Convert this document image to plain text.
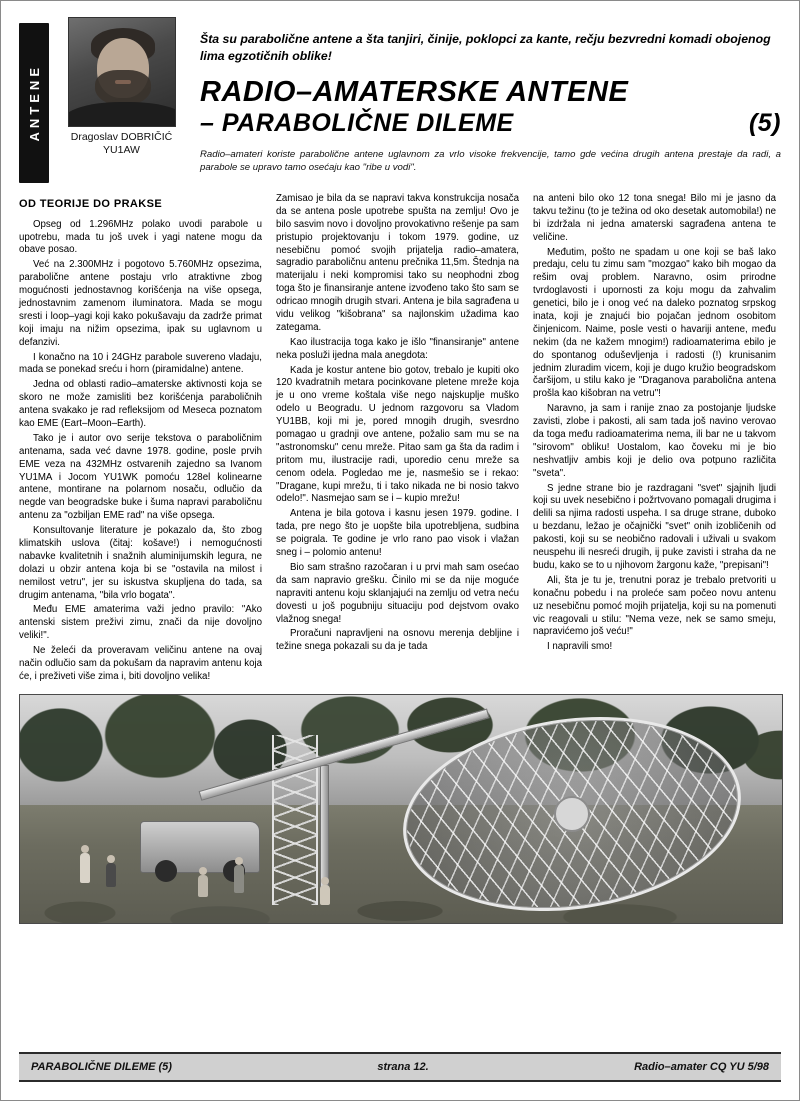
ANTENE	Dragoslav DOBRIČIĆ
YU1AW
Šta su parabolične antene a šta tanjiri, činije, poklopci za kante, rečju bezvredni komadi obojenog lima egzotičnih oblike!
RADIO–AMATERSKE ANTENE
– PARABOLIČNE DILEME	(5)
Radio–amateri koriste parabolične antene uglavnom za vrlo visoke frekvencije, tamo gde većina drugih antena prestaje da radi, a parabole se upravo tamo osećaju kao "ribe u vodi".
OD TEORIJE DO PRAKSE

Opseg od 1.296MHz polako uvodi parabole u upotrebu, mada tu još uvek i yagi natene mogu da obave posao.

Već na 2.300MHz i pogotovo 5.760MHz opsezima, parabolične antene postaju vrlo atraktivne zbog mogućnosti jednostavnog korišćenja na više opsega, jednostavnim zamenom iluminatora. Mada se mogu sresti i loop–yagi koji kako pokušavaju da zadrže primat koji imaju na nižim opsezima, ipak su uglavnom u defanzivi.

I konačno na 10 i 24GHz parabole suvereno vladaju, mada se ponekad sreću i horn (piramidalne) antene.

Jedna od oblasti radio–amaterske aktivnosti koja se skoro ne može zamisliti bez korišćenja paraboličnih antena svakako je rad refleksijom od Meseca poznatom kao EME (Eart–Moon–Earth).

Tako je i autor ovo serije tekstova o paraboličnim antenama, sada već davne 1978. godine, posle prvih EME veza na 432MHz ostvarenih zajedno sa Ivanom YU1MA i Jocom YU1WK pomoću 128el kolinearne antene, montirane na polarnom nosaču, odlučio da negde van beogradske buke i šuma napravi paraboličnu antenu za "ozbiljan EME rad" na više opsega.

Konsultovanje literature je pokazalo da, što zbog klimatskih uslova (čitaj: košave!) i nemogućnosti nabavke kvalitetnih i snažnih aluminijumskih legura, ne dolazi u obzir antena koja bi se "ostavila na milost i nemilost vetru", jer su iskustva skupljena do tada, sa drugim antenama, "bila vrlo bogata".

Među EME amaterima važi jedno pravilo: "Ako antenski sistem preživi zimu, znači da nije dovoljno veliki!".

Ne želeći da proveravam veličinu antene na ovaj način odlučio sam da pokušam da napravim antenu koja će, i preživeti više zima i, biti dovoljno velika!

Zamisao je bila da se napravi takva konstrukcija nosača da se antena posle upotrebe spušta na zemlju! Ovo je bilo sasvim novo i dovoljno provokativno rešenje pa sam pristupio projektovanju i tokom 1979. godine, uz nesebičnu pomoć svojih prijatelja radio–amatera, sagradio paraboličnu antenu prečnika 11,5m. Štednja na materijalu i neki kompromisi tako su neophodni zbog toga što je finansiranje antene izvođeno tako što sam se odricao mnogih drugih stvari. Antena je bila sagrađena u vidu velikog "kišobrana" sa najlonskim užadima kao zategama.

Kao ilustracija toga kako je išlo "finansiranje" antene neka posluži ijedna mala anegdota:

Kada je kostur antene bio gotov, trebalo je kupiti oko 120 kvadratnih metara pocinkovane pletene mreže koja je u ono vreme koštala više nego najskuplje muško odelo u Beogradu. U jednom razgovoru sa Vladom YU1BB, koji mi je, pored mnogih drugih, svesrdno pomagao u gradnji ove antene, požalio sam mu se na "astronomsku" cenu mreže. Pitao sam ga šta da radim i pritom mu, ilustracije radi, uporedio cenu mreže sa cenom odela. Pogledao me je, nasmešio se i rekao: "Dragane, kupi mrežu, ti i tako nikada ne bi nosio takvo odelo!". Nasmejao sam se i – kupio mrežu!

Antena je bila gotova i kasnu jesen 1979. godine. I tada, pre nego što je uopšte bila upotrebljena, sudbina se poigrala. Te godine je vrlo rano pao visok i vlažan sneg i – polomio antenu!

Bio sam strašno razočaran i u prvi mah sam osećao da sam napravio grešku. Činilo mi se da nije moguće napraviti antenu koju sklanjajući na zemlju od vetra neću dovesti u još pogubniju situaciju pod dejstvom ovako vlažnog snega!

Proračuni napravljeni na osnovu merenja debljine i težine snega pokazali su da je tada

na anteni bilo oko 12 tona snega! Bilo mi je jasno da takvu težinu (to je težina od oko desetak automobila!) ne bi izdržala ni jedna amaterski sagrađena antena te veličine.

Međutim, pošto ne spadam u one koji se baš lako predaju, celu tu zimu sam "mozgao" kako bih mogao da rešim ovaj problem. Naravno, osim prirodne tvrdoglavosti i upornosti za koju mogu da zahvalim genetici, bilo je i onog već na daleko poznatog srpskog inata, koji je znajući bio pojačan jednom osobitom činjenicom. Naime, posle vesti o havariji antene, među nekim (da ne kažem mnogim!) radioamaterima ebilo je do spontanog oduševljenja i radosti (!) krunisanim jednim zluradim vicem, koji je dugo kružio beogradskom čaršijom, u stilu kako je "Draganova parabolična antena prošla kao kišobran na vetru"!

Naravno, ja sam i ranije znao za postojanje ljudske zavisti, zlobe i pakosti, ali sam tada još navino verovao da toga među radioamaterima nema, ili bar ne u takvom "sirovom" obliku! Uostalom, kao čoveku mi je bio neshvatljiv ambis koji je delio ova potpuno različita "sveta".

S jedne strane bio je razdragani "svet" sjajnih ljudi koji su uvek nesebično i požrtvovano pomagali drugima i delili sa njima radosti uspeha. I sa druge strane, duboko u bezdanu, ležao je očajnički "svet" onih izobličenih od pakosti, koji su se neobično radovali i uživali u svakom neuspehu ili nesreći drugih, ij puke zavisti i straha da ne budu, kako se to u njihovom žargonu kaže, "prepisani"!

Ali, šta je tu je, trenutni poraz je trebalo pretvoriti u konačnu pobedu i na proleće sam počeo novu antenu uz nesebičnu pomoć mojih prijatelja, koji su na pomenuti vic reagovali u stilu: "Nema veze, nek se samo smeju, napravićemo još veću!"

I napravili smo!

PARABOLIČNE DILEME (5)	strana 12.	Radio–amater CQ YU 5/98
